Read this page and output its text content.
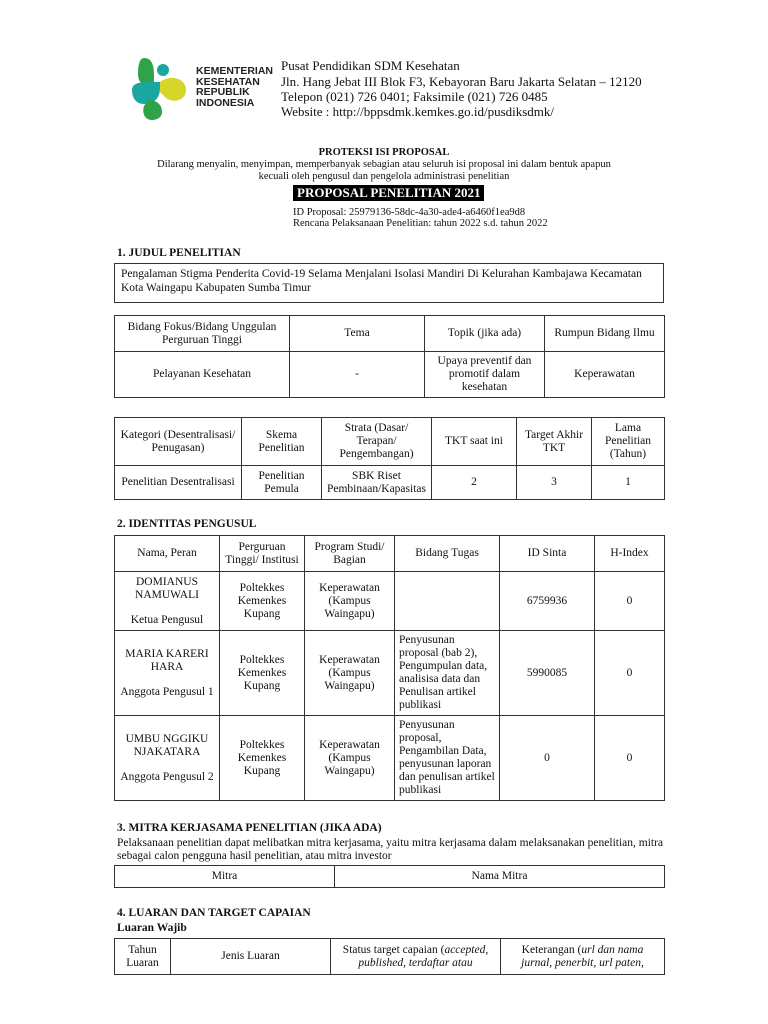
KEMENTERIAN
KESEHATAN
REPUBLIK
INDONESIA
Pusat Pendidikan SDM Kesehatan
Jln. Hang Jebat III Blok F3, Kebayoran Baru Jakarta Selatan – 12120
Telepon (021) 726 0401; Faksimile (021) 726 0485
Website : http://bppsdmk.kemkes.go.id/pusdiksdmk/
PROTEKSI ISI PROPOSAL
Dilarang menyalin, menyimpan, memperbanyak sebagian atau seluruh isi proposal ini dalam bentuk apapun
kecuali oleh pengusul dan pengelola administrasi penelitian
PROPOSAL PENELITIAN 2021
ID Proposal: 25979136-58dc-4a30-ade4-a6460f1ea9d8
Rencana Pelaksanaan Penelitian: tahun 2022 s.d. tahun 2022
1. JUDUL PENELITIAN
Pengalaman Stigma Penderita Covid-19 Selama Menjalani Isolasi Mandiri Di Kelurahan Kambajawa Kecamatan
Kota Waingapu Kabupaten Sumba Timur
Bidang Fokus/Bidang Unggulan Perguruan Tinggi	Tema	Topik (jika ada)	Rumpun Bidang Ilmu
Pelayanan Kesehatan	-	Upaya preventif dan promotif dalam kesehatan	Keperawatan
Kategori (Desentralisasi/ Penugasan)	Skema Penelitian	Strata (Dasar/ Terapan/ Pengembangan)	TKT saat ini	Target Akhir TKT	Lama Penelitian (Tahun)
Penelitian Desentralisasi	Penelitian Pemula	SBK Riset Pembinaan/Kapasitas	2	3	1
2. IDENTITAS PENGUSUL
Nama, Peran	Perguruan Tinggi/ Institusi	Program Studi/ Bagian	Bidang Tugas	ID Sinta	H-Index

DOMIANUS NAMUWALI
Ketua Pengusul	Poltekkes Kemenkes Kupang	Keperawatan (Kampus Waingapu)		6759936	0

MARIA KARERI HARA
Anggota Pengusul 1	Poltekkes Kemenkes Kupang	Keperawatan (Kampus Waingapu)	Penyusunan proposal (bab 2), Pengumpulan data, analisisa data dan Penulisan artikel publikasi	5990085	0

UMBU NGGIKU NJAKATARA
Anggota Pengusul 2	Poltekkes Kemenkes Kupang	Keperawatan (Kampus Waingapu)	Penyusunan proposal, Pengambilan Data, penyusunan laporan dan penulisan artikel publikasi	0	0
3. MITRA KERJASAMA PENELITIAN (JIKA ADA)
Pelaksanaan penelitian dapat melibatkan mitra kerjasama, yaitu mitra kerjasama dalam melaksanakan penelitian, mitra
sebagai calon pengguna hasil penelitian, atau mitra investor
Mitra	Nama Mitra
4. LUARAN DAN TARGET CAPAIAN
Luaran Wajib
Tahun Luaran	Jenis Luaran	Status target capaian (accepted, published, terdaftar atau	Keterangan (url dan nama jurnal, penerbit, url paten,
